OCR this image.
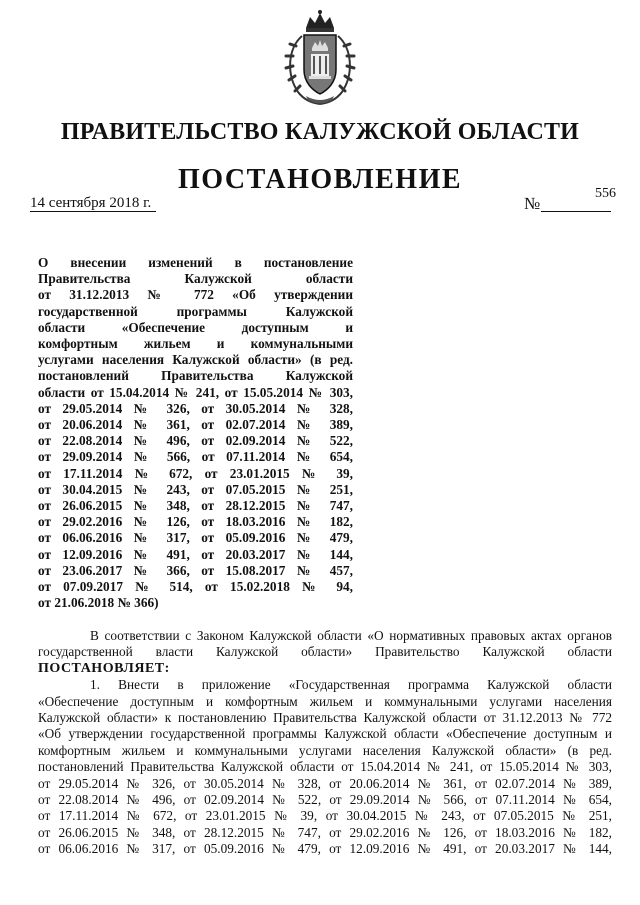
ПРАВИТЕЛЬСТВО КАЛУЖСКОЙ ОБЛАСТИ
ПОСТАНОВЛЕНИЕ
14 сентября 2018 г.	№
556
О внесении изменений в постановление
Правительства Калужской области
от 31.12.2013 № 772 «Об утверждении
государственной программы Калужской
области «Обеспечение доступным и
комфортным жильем и коммунальными
услугами населения Калужской области» (в ред.
постановлений Правительства Калужской
области от 15.04.2014 № 241, от 15.05.2014 № 303,
от 29.05.2014 № 326, от 30.05.2014 № 328,
от 20.06.2014 № 361, от 02.07.2014 № 389,
от 22.08.2014 № 496, от 02.09.2014 № 522,
от 29.09.2014 № 566, от 07.11.2014 № 654,
от 17.11.2014 № 672, от 23.01.2015 № 39,
от 30.04.2015 № 243, от 07.05.2015 № 251,
от 26.06.2015 № 348, от 28.12.2015 № 747,
от 29.02.2016 № 126, от 18.03.2016 № 182,
от 06.06.2016 № 317, от 05.09.2016 № 479,
от 12.09.2016 № 491, от 20.03.2017 № 144,
от 23.06.2017 № 366, от 15.08.2017 № 457,
от 07.09.2017 № 514, от 15.02.2018 № 94,
от 21.06.2018 № 366)
В соответствии с Законом Калужской области «О нормативных правовых актах органов
государственной власти Калужской области» Правительство Калужской области
ПОСТАНОВЛЯЕТ:
1. Внести в приложение «Государственная программа Калужской области
«Обеспечение доступным и комфортным жильем и коммунальными услугами населения
Калужской области» к постановлению Правительства Калужской области от 31.12.2013 № 772
«Об утверждении государственной программы Калужской области «Обеспечение доступным и
комфортным жильем и коммунальными услугами населения Калужской области» (в ред.
постановлений Правительства Калужской области от 15.04.2014 № 241, от 15.05.2014 № 303,
от 29.05.2014 № 326, от 30.05.2014 № 328, от 20.06.2014 № 361, от 02.07.2014 № 389,
от 22.08.2014 № 496, от 02.09.2014 № 522, от 29.09.2014 № 566, от 07.11.2014 № 654,
от 17.11.2014 № 672, от 23.01.2015 № 39, от 30.04.2015 № 243, от 07.05.2015 № 251,
от 26.06.2015 № 348, от 28.12.2015 № 747, от 29.02.2016 № 126, от 18.03.2016 № 182,
от 06.06.2016 № 317, от 05.09.2016 № 479, от 12.09.2016 № 491, от 20.03.2017 № 144,
